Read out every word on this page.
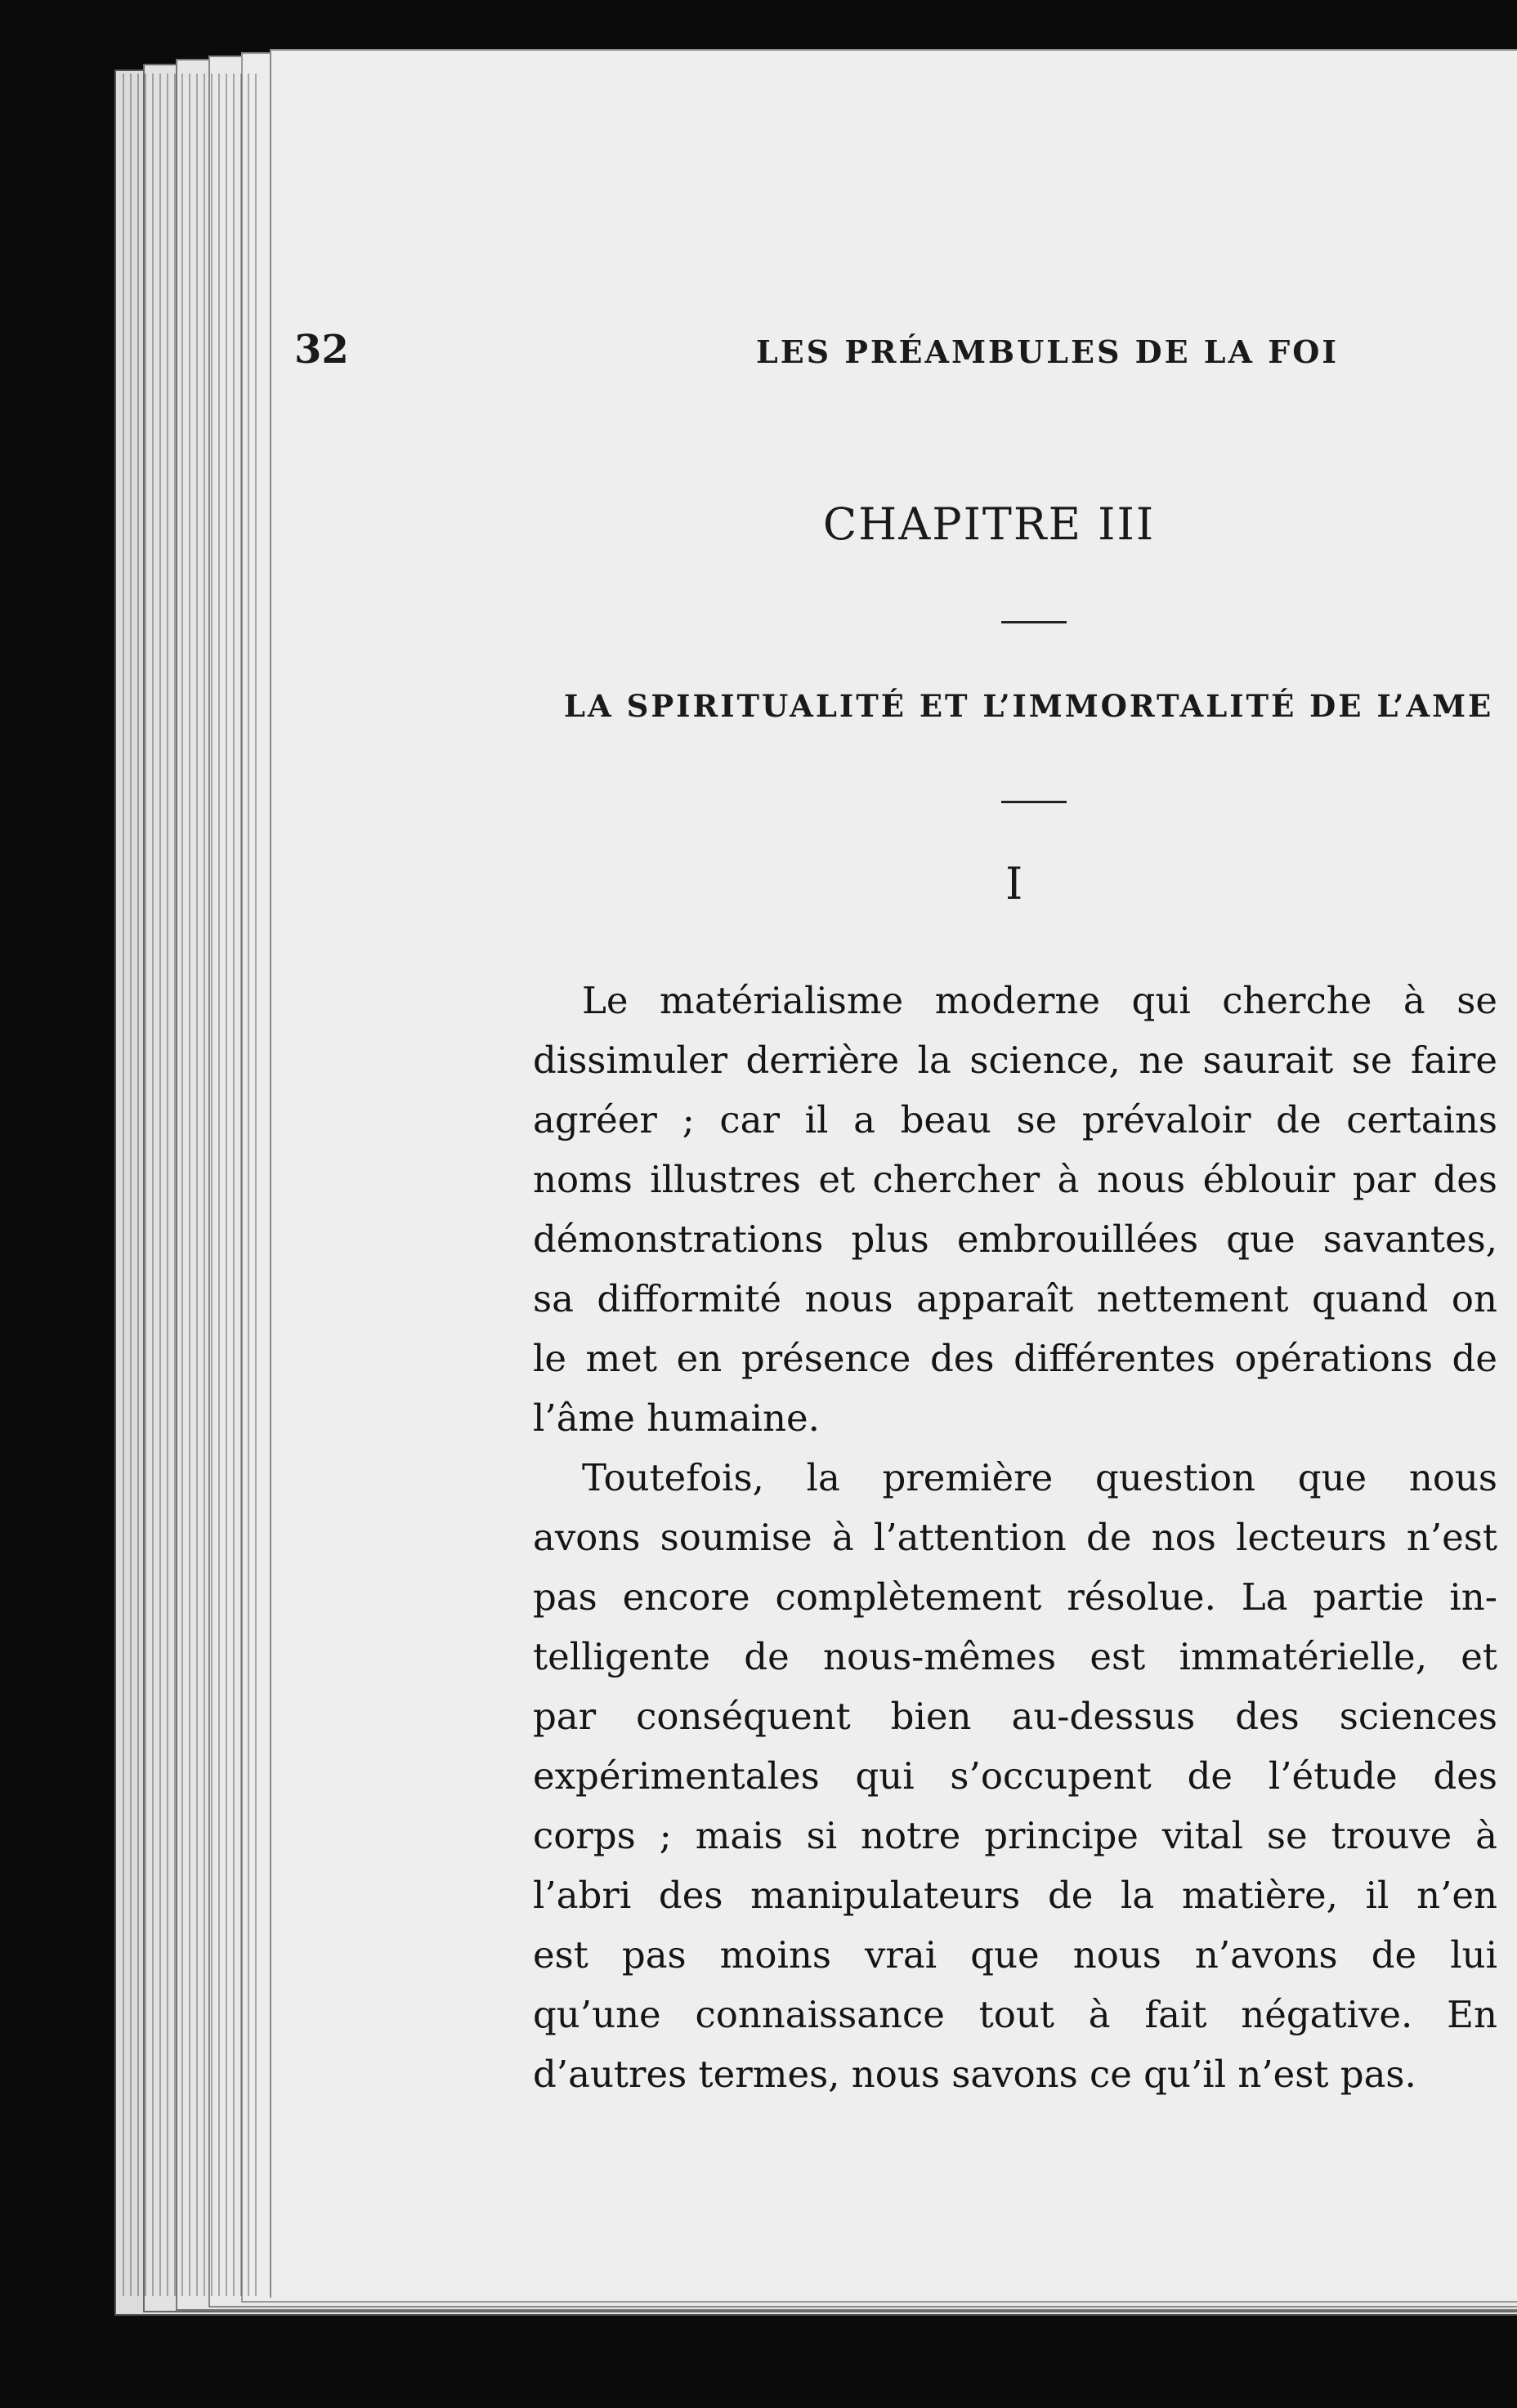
32	LES PRÉAMBULES DE LA FOI
CHAPITRE III
LA SPIRITUALITÉ ET L’IMMORTALITÉ DE L’AME
I
Le matérialisme moderne qui cherche à se
dissimuler derrière la science, ne saurait se faire
agréer ; car il a beau se prévaloir de certains
noms illustres et chercher à nous éblouir par des
démonstrations plus embrouillées que savantes,
sa difformité nous apparaît nettement quand on
le met en présence des différentes opérations de
l’âme humaine.
Toutefois, la première question que nous
avons soumise à l’attention de nos lecteurs n’est
pas encore complètement résolue. La partie in-
telligente de nous-mêmes est immatérielle, et
par conséquent bien au-dessus des sciences
expérimentales qui s’occupent de l’étude des
corps ; mais si notre principe vital se trouve à
l’abri des manipulateurs de la matière, il n’en
est pas moins vrai que nous n’avons de lui
qu’une connaissance tout à fait négative. En
d’autres termes, nous savons ce qu’il n’est pas.
